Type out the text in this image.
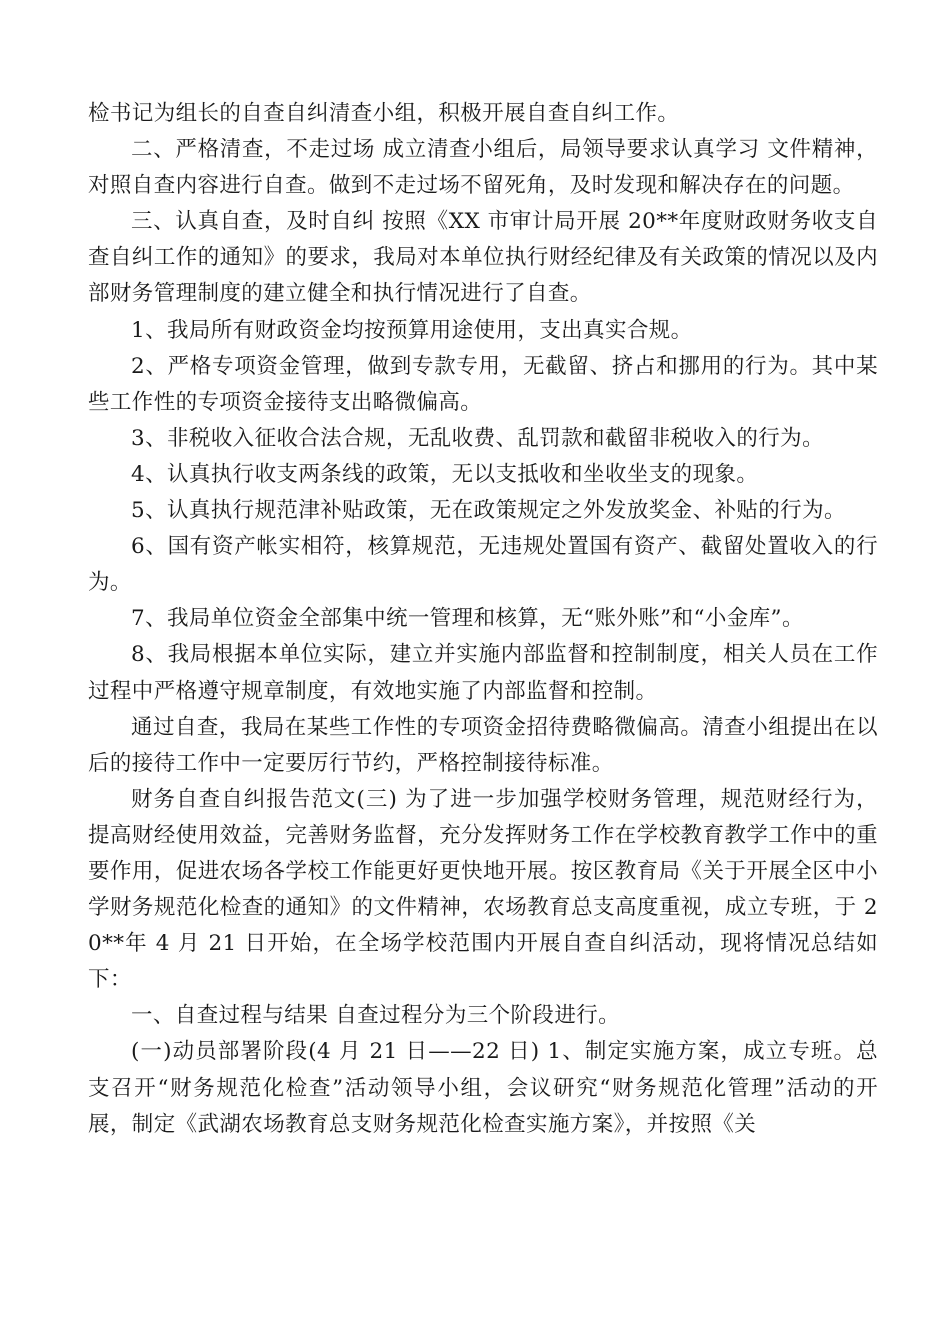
检书记为组长的自查自纠清查小组，积极开展自查自纠工作。

二、严格清查，不走过场 成立清查小组后，局领导要求认真学习 文件精神，对照自查内容进行自查。做到不走过场不留死角，及时发现和解决存在的问题。

三、认真自查，及时自纠 按照《XX 市审计局开展 20**年度财政财务收支自查自纠工作的通知》的要求，我局对本单位执行财经纪律及有关政策的情况以及内部财务管理制度的建立健全和执行情况进行了自查。

1、我局所有财政资金均按预算用途使用，支出真实合规。

2、严格专项资金管理，做到专款专用，无截留、挤占和挪用的行为。其中某些工作性的专项资金接待支出略微偏高。

3、非税收入征收合法合规，无乱收费、乱罚款和截留非税收入的行为。

4、认真执行收支两条线的政策，无以支抵收和坐收坐支的现象。

5、认真执行规范津补贴政策，无在政策规定之外发放奖金、补贴的行为。

6、国有资产帐实相符，核算规范，无违规处置国有资产、截留处置收入的行为。

7、我局单位资金全部集中统一管理和核算，无“账外账”和“小金库”。

8、我局根据本单位实际，建立并实施内部监督和控制制度，相关人员在工作过程中严格遵守规章制度，有效地实施了内部监督和控制。

通过自查，我局在某些工作性的专项资金招待费略微偏高。清查小组提出在以后的接待工作中一定要厉行节约，严格控制接待标准。

财务自查自纠报告范文(三) 为了进一步加强学校财务管理，规范财经行为，提高财经使用效益，完善财务监督，充分发挥财务工作在学校教育教学工作中的重要作用，促进农场各学校工作能更好更快地开展。按区教育局《关于开展全区中小学财务规范化检查的通知》的文件精神，农场教育总支高度重视，成立专班，于 20**年 4 月 21 日开始，在全场学校范围内开展自查自纠活动，现将情况总结如下：

一、自查过程与结果 自查过程分为三个阶段进行。

(一)动员部署阶段(4 月 21 日——22 日) 1、制定实施方案，成立专班。总支召开“财务规范化检查”活动领导小组，会议研究“财务规范化管理”活动的开展，制定《武湖农场教育总支财务规范化检查实施方案》，并按照《关
